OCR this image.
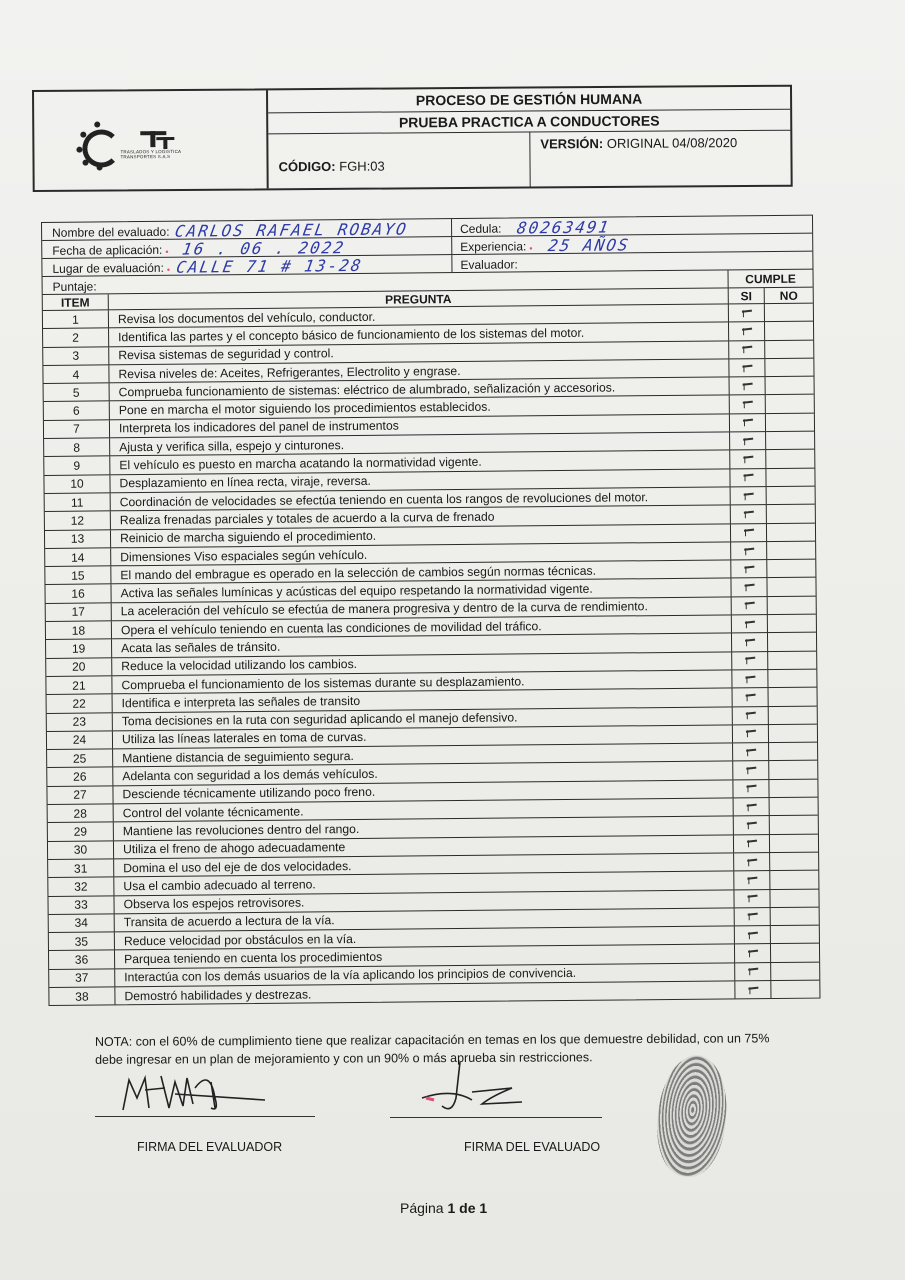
TRASLADOS Y LOGISTICA TRANSPORTES S.A.S
PROCESO DE GESTIÓN HUMANA
PRUEBA PRACTICA A CONDUCTORES
CÓDIGO:
FGH:03
VERSIÓN: ORIGINAL 04/08/2020
Nombre del evaluado: CARLOS RAFAEL ROBAYO	Cedula: 80263491
Fecha de aplicación: • 16 . 06 . 2022	Experiencia: • 25 AÑOS
Lugar de evaluación: • CALLE 71 # 13-28	Evaluador:
Puntaje:
CUMPLE
ITEM	PREGUNTA	SI	NO
1	Revisa los documentos del vehículo, conductor.
2	Identifica las partes y el concepto básico de funcionamiento de los sistemas del motor.
3	Revisa sistemas de seguridad y control.
4	Revisa niveles de: Aceites, Refrigerantes, Electrolito y engrase.
5	Comprueba funcionamiento de sistemas: eléctrico de alumbrado, señalización y accesorios.
6	Pone en marcha el motor siguiendo los procedimientos establecidos.
7	Interpreta los indicadores del panel de instrumentos
8	Ajusta y verifica silla, espejo y cinturones.
9	El vehículo es puesto en marcha acatando la normatividad vigente.
10	Desplazamiento en línea recta, viraje, reversa.
11	Coordinación de velocidades se efectúa teniendo en cuenta los rangos de revoluciones del motor.
12	Realiza frenadas parciales y totales de acuerdo a la curva de frenado
13	Reinicio de marcha siguiendo el procedimiento.
14	Dimensiones Viso espaciales según vehículo.
15	El mando del embrague es operado en la selección de cambios según normas técnicas.
16	Activa las señales lumínicas y acústicas del equipo respetando la normatividad vigente.
17	La aceleración del vehículo se efectúa de manera progresiva y dentro de la curva de rendimiento.
18	Opera el vehículo teniendo en cuenta las condiciones de movilidad del tráfico.
19	Acata las señales de tránsito.
20	Reduce la velocidad utilizando los cambios.
21	Comprueba el funcionamiento de los sistemas durante su desplazamiento.
22	Identifica e interpreta las señales de transito
23	Toma decisiones en la ruta con seguridad aplicando el manejo defensivo.
24	Utiliza las líneas laterales en toma de curvas.
25	Mantiene distancia de seguimiento segura.
26	Adelanta con seguridad a los demás vehículos.
27	Desciende técnicamente utilizando poco freno.
28	Control del volante técnicamente.
29	Mantiene las revoluciones dentro del rango.
30	Utiliza el freno de ahogo adecuadamente
31	Domina el uso del eje de dos velocidades.
32	Usa el cambio adecuado al terreno.
33	Observa los espejos retrovisores.
34	Transita de acuerdo a lectura de la vía.
35	Reduce velocidad por obstáculos en la vía.
36	Parquea teniendo en cuenta los procedimientos
37	Interactúa con los demás usuarios de la vía aplicando los principios de convivencia.
38	Demostró habilidades y destrezas.
NOTA: con el 60% de cumplimiento tiene que realizar capacitación en temas en los que demuestre debilidad, con un 75%
debe ingresar en un plan de mejoramiento y con un 90% o más aprueba sin restricciones.
FIRMA DEL EVALUADOR	FIRMA DEL EVALUADO
Página 1 de 1
